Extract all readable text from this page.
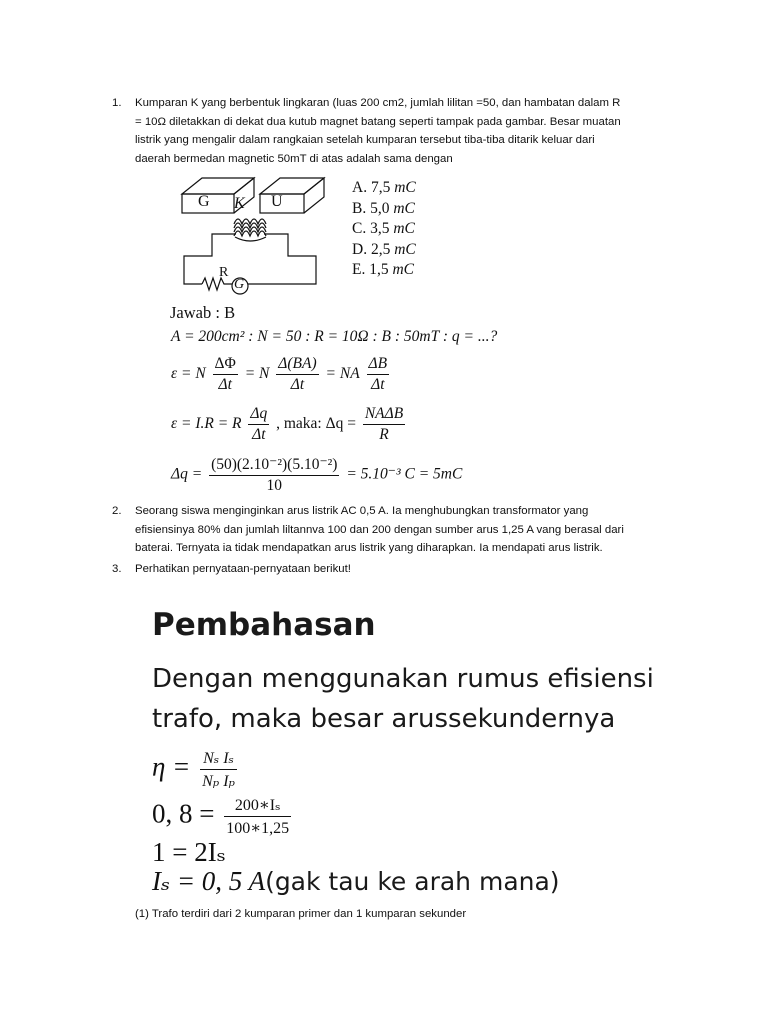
1.	Kumparan K yang berbentuk lingkaran (luas 200 cm2, jumlah lilitan =50, dan hambatan dalam R
= 10Ω diletakkan di dekat dua kutub magnet batang seperti tampak pada gambar. Besar muatan
listrik yang mengalir dalam rangkaian setelah kumparan tersebut tiba-tiba ditarik keluar dari
daerah bermedan magnetic 50mT di atas adalah sama dengan
G K U
R
G
A. 7,5 mC
B. 5,0 mC
C. 3,5 mC
D. 2,5 mC
E. 1,5 mC
Jawab : B
A = 200cm² : N = 50 : R = 10Ω : B : 50mT : q = ...?
ε = N $\frac{\Delta\Phi}{\Delta t} = N \frac{\Delta(BA)}{\Delta t}$ = NA $\frac{\Delta B}{\Delta t}$
ε = I.R = R $\frac{\Delta q}{\Delta t}$ , maka: $\Delta q = \frac{\text{NAΔB}}{R}$
$\Delta q = \frac{\text{(50)(2.10⁻²)(5.10⁻²)}}{10} = 5.10^{-3}$ C = 5mC
2.	Seorang siswa menginginkan arus listrik AC 0,5 A. Ia menghubungkan transformator yang
efisiensinya 80% dan jumlah liltannva 100 dan 200 dengan sumber arus 1,25 A vang berasal dari
baterai. Ternyata ia tidak mendapatkan arus listrik yang diharapkan. Ia mendapati arus listrik.
3.	Perhatikan pernyataan-pernyataan berikut!
Pembahasan
Dengan menggunakan rumus efisiensi
trafo, maka besar arussekundernya
$\eta = \frac{\text{Nₛ Iₛ}}{\text{Nₚ Iₚ}}$
0, $8 = \frac{\text{200∗Iₛ}}{100∗1,25}$
1 = 2Iₛ
Iₛ = 0, 5 A(gak tau ke arah mana)
(1) Trafo terdiri dari 2 kumparan primer dan 1 kumparan sekunder
